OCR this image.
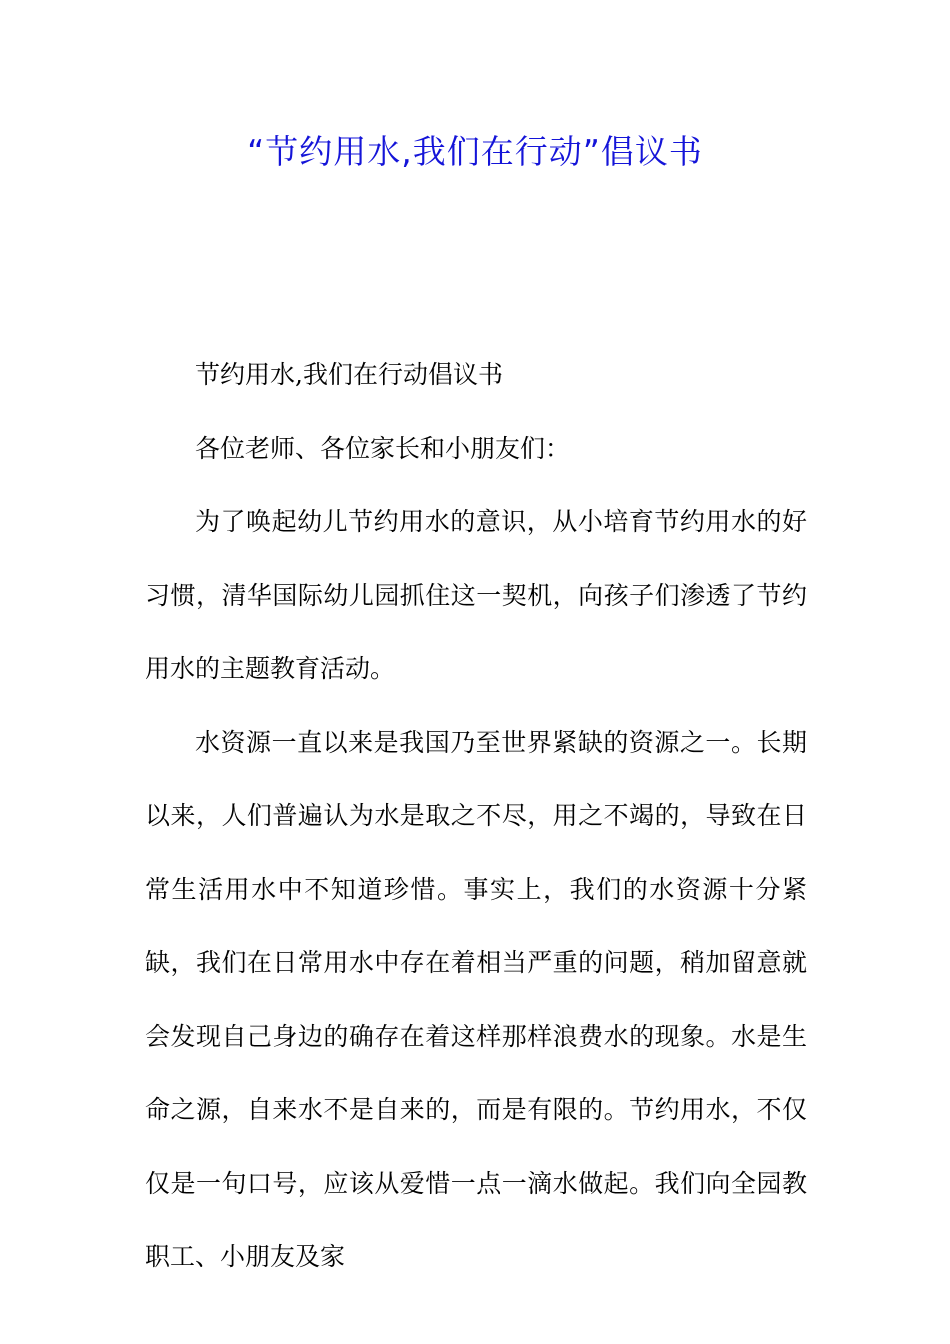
“节约用水,我们在行动”倡议书

节约用水,我们在行动倡议书

各位老师、各位家长和小朋友们：

为了唤起幼儿节约用水的意识，从小培育节约用水的好习惯，清华国际幼儿园抓住这一契机，向孩子们渗透了节约用水的主题教育活动。

水资源一直以来是我国乃至世界紧缺的资源之一。长期以来，人们普遍认为水是取之不尽，用之不竭的，导致在日常生活用水中不知道珍惜。事实上，我们的水资源十分紧缺，我们在日常用水中存在着相当严重的问题，稍加留意就会发现自己身边的确存在着这样那样浪费水的现象。水是生命之源，自来水不是自来的，而是有限的。节约用水，不仅仅是一句口号，应该从爱惜一点一滴水做起。我们向全园教职工、小朋友及家
